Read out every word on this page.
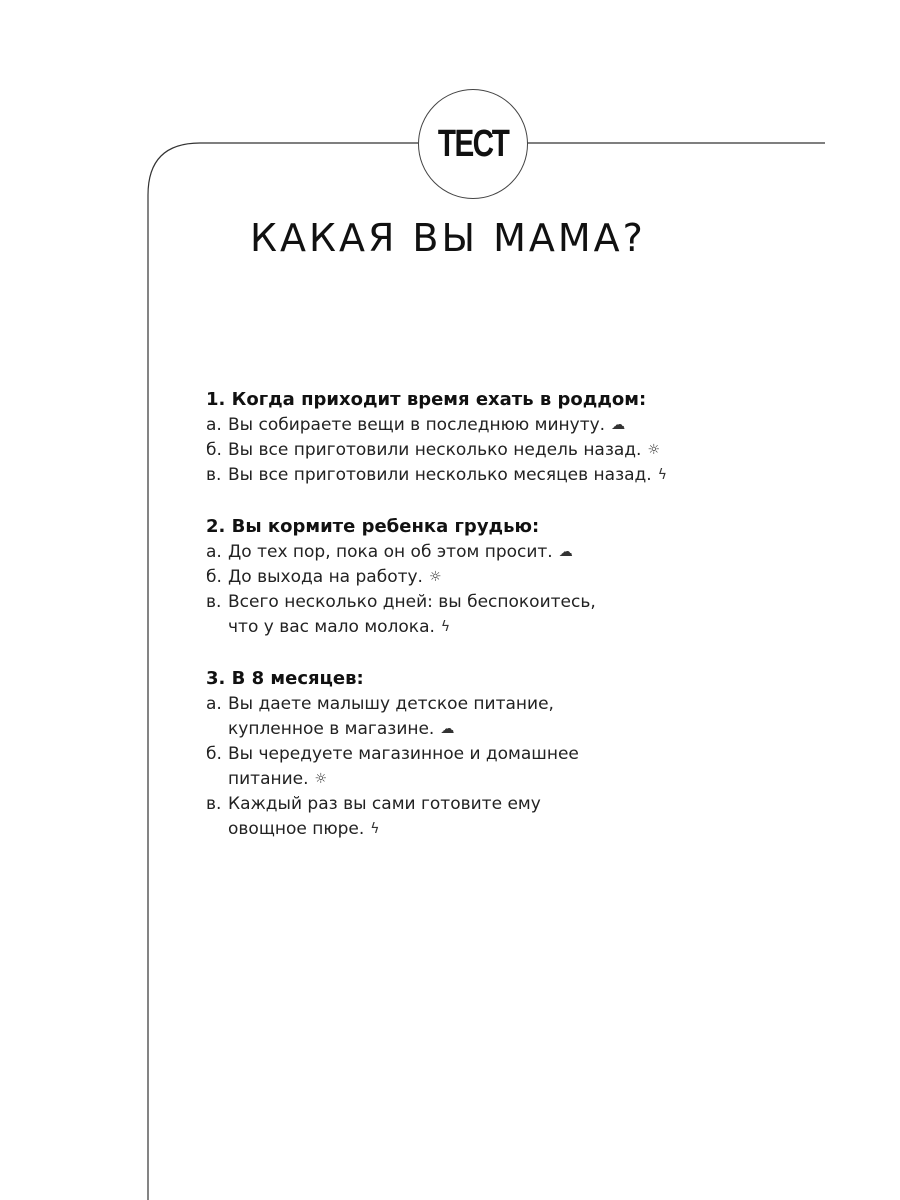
ТЕСТ
КАКАЯ ВЫ МАМА?
1. Когда приходит время ехать в роддом:
а. Вы собираете вещи в последнюю минуту. ☁
б. Вы все приготовили несколько недель назад. ☼
в. Вы все приготовили несколько месяцев назад. ϟ
2. Вы кормите ребенка грудью:
а. До тех пор, пока он об этом просит. ☁
б. До выхода на работу. ☼
в. Всего несколько дней: вы беспокоитесь,
что у вас мало молока. ϟ
3. В 8 месяцев:
а. Вы даете малышу детское питание,
купленное в магазине. ☁
б. Вы чередуете магазинное и домашнее
питание. ☼
в. Каждый раз вы сами готовите ему
овощное пюре. ϟ
